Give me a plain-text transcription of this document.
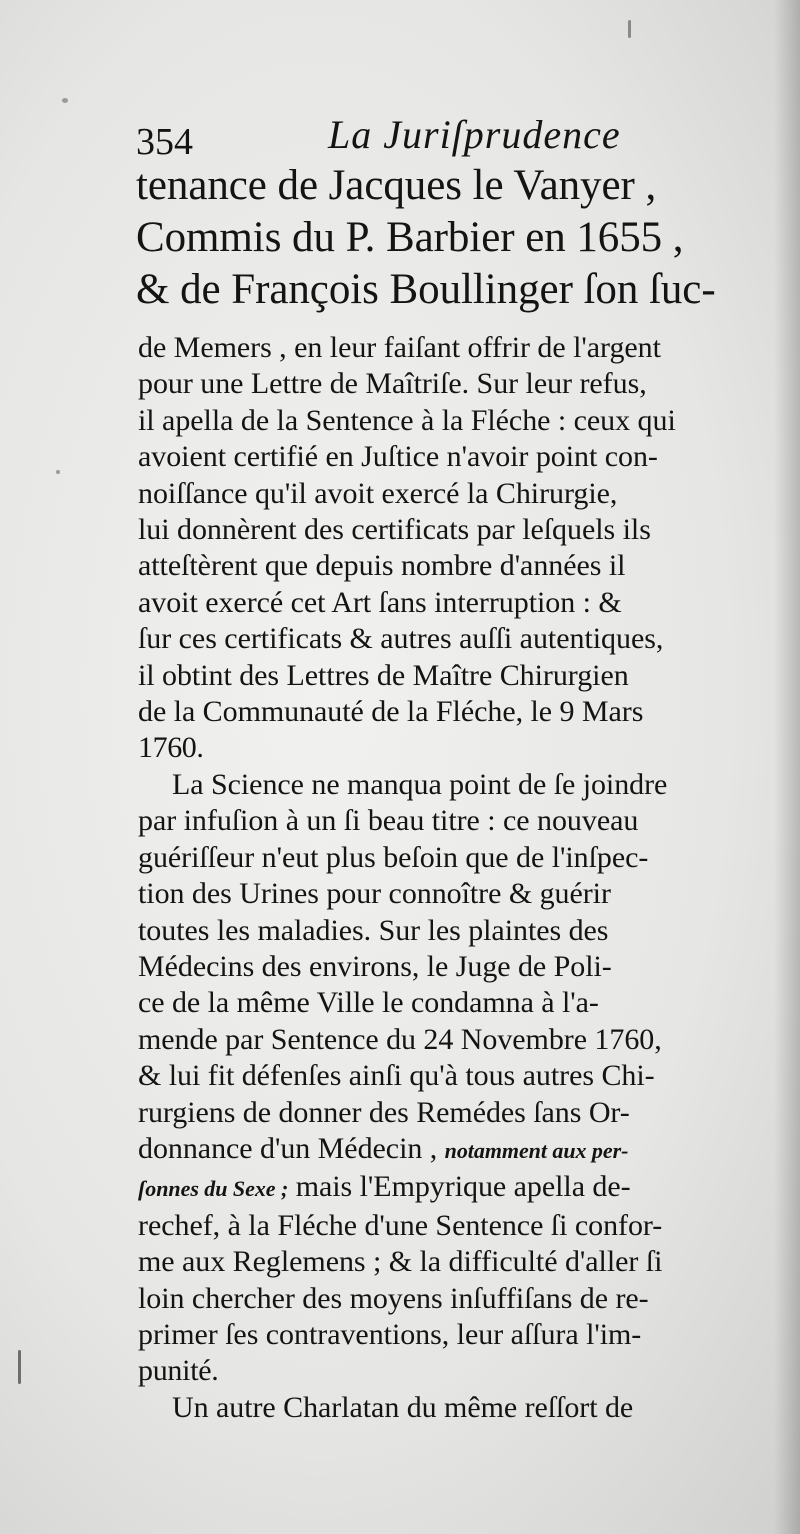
354	La Juriſprudence
tenance de Jacques le Vanyer ,
Commis du P. Barbier en 1655 ,
& de François Boullinger ſon ſuc-
de Memers , en leur faiſant offrir de l'argent
pour une Lettre de Maîtriſe. Sur leur refus,
il apella de la Sentence à la Fléche : ceux qui
avoient certifié en Juſtice n'avoir point con-
noiſſance qu'il avoit exercé la Chirurgie,
lui donnèrent des certificats par leſquels ils
atteſtèrent que depuis nombre d'années il
avoit exercé cet Art ſans interruption : &
ſur ces certificats & autres auſſi autentiques,
il obtint des Lettres de Maître Chirurgien
de la Communauté de la Fléche, le 9 Mars
1760.
La Science ne manqua point de ſe joindre
par infuſion à un ſi beau titre : ce nouveau
guériſſeur n'eut plus beſoin que de l'inſpec-
tion des Urines pour connoître & guérir
toutes les maladies. Sur les plaintes des
Médecins des environs, le Juge de Poli-
ce de la même Ville le condamna à l'a-
mende par Sentence du 24 Novembre 1760,
& lui fit défenſes ainſi qu'à tous autres Chi-
rurgiens de donner des Remédes ſans Or-
donnance d'un Médecin , notamment aux per-
ſonnes du Sexe ; mais l'Empyrique apella de-
rechef, à la Fléche d'une Sentence ſi confor-
me aux Reglemens ; & la difficulté d'aller ſi
loin chercher des moyens inſuffiſans de re-
primer ſes contraventions, leur aſſura l'im-
punité.
Un autre Charlatan du même reſſort de
